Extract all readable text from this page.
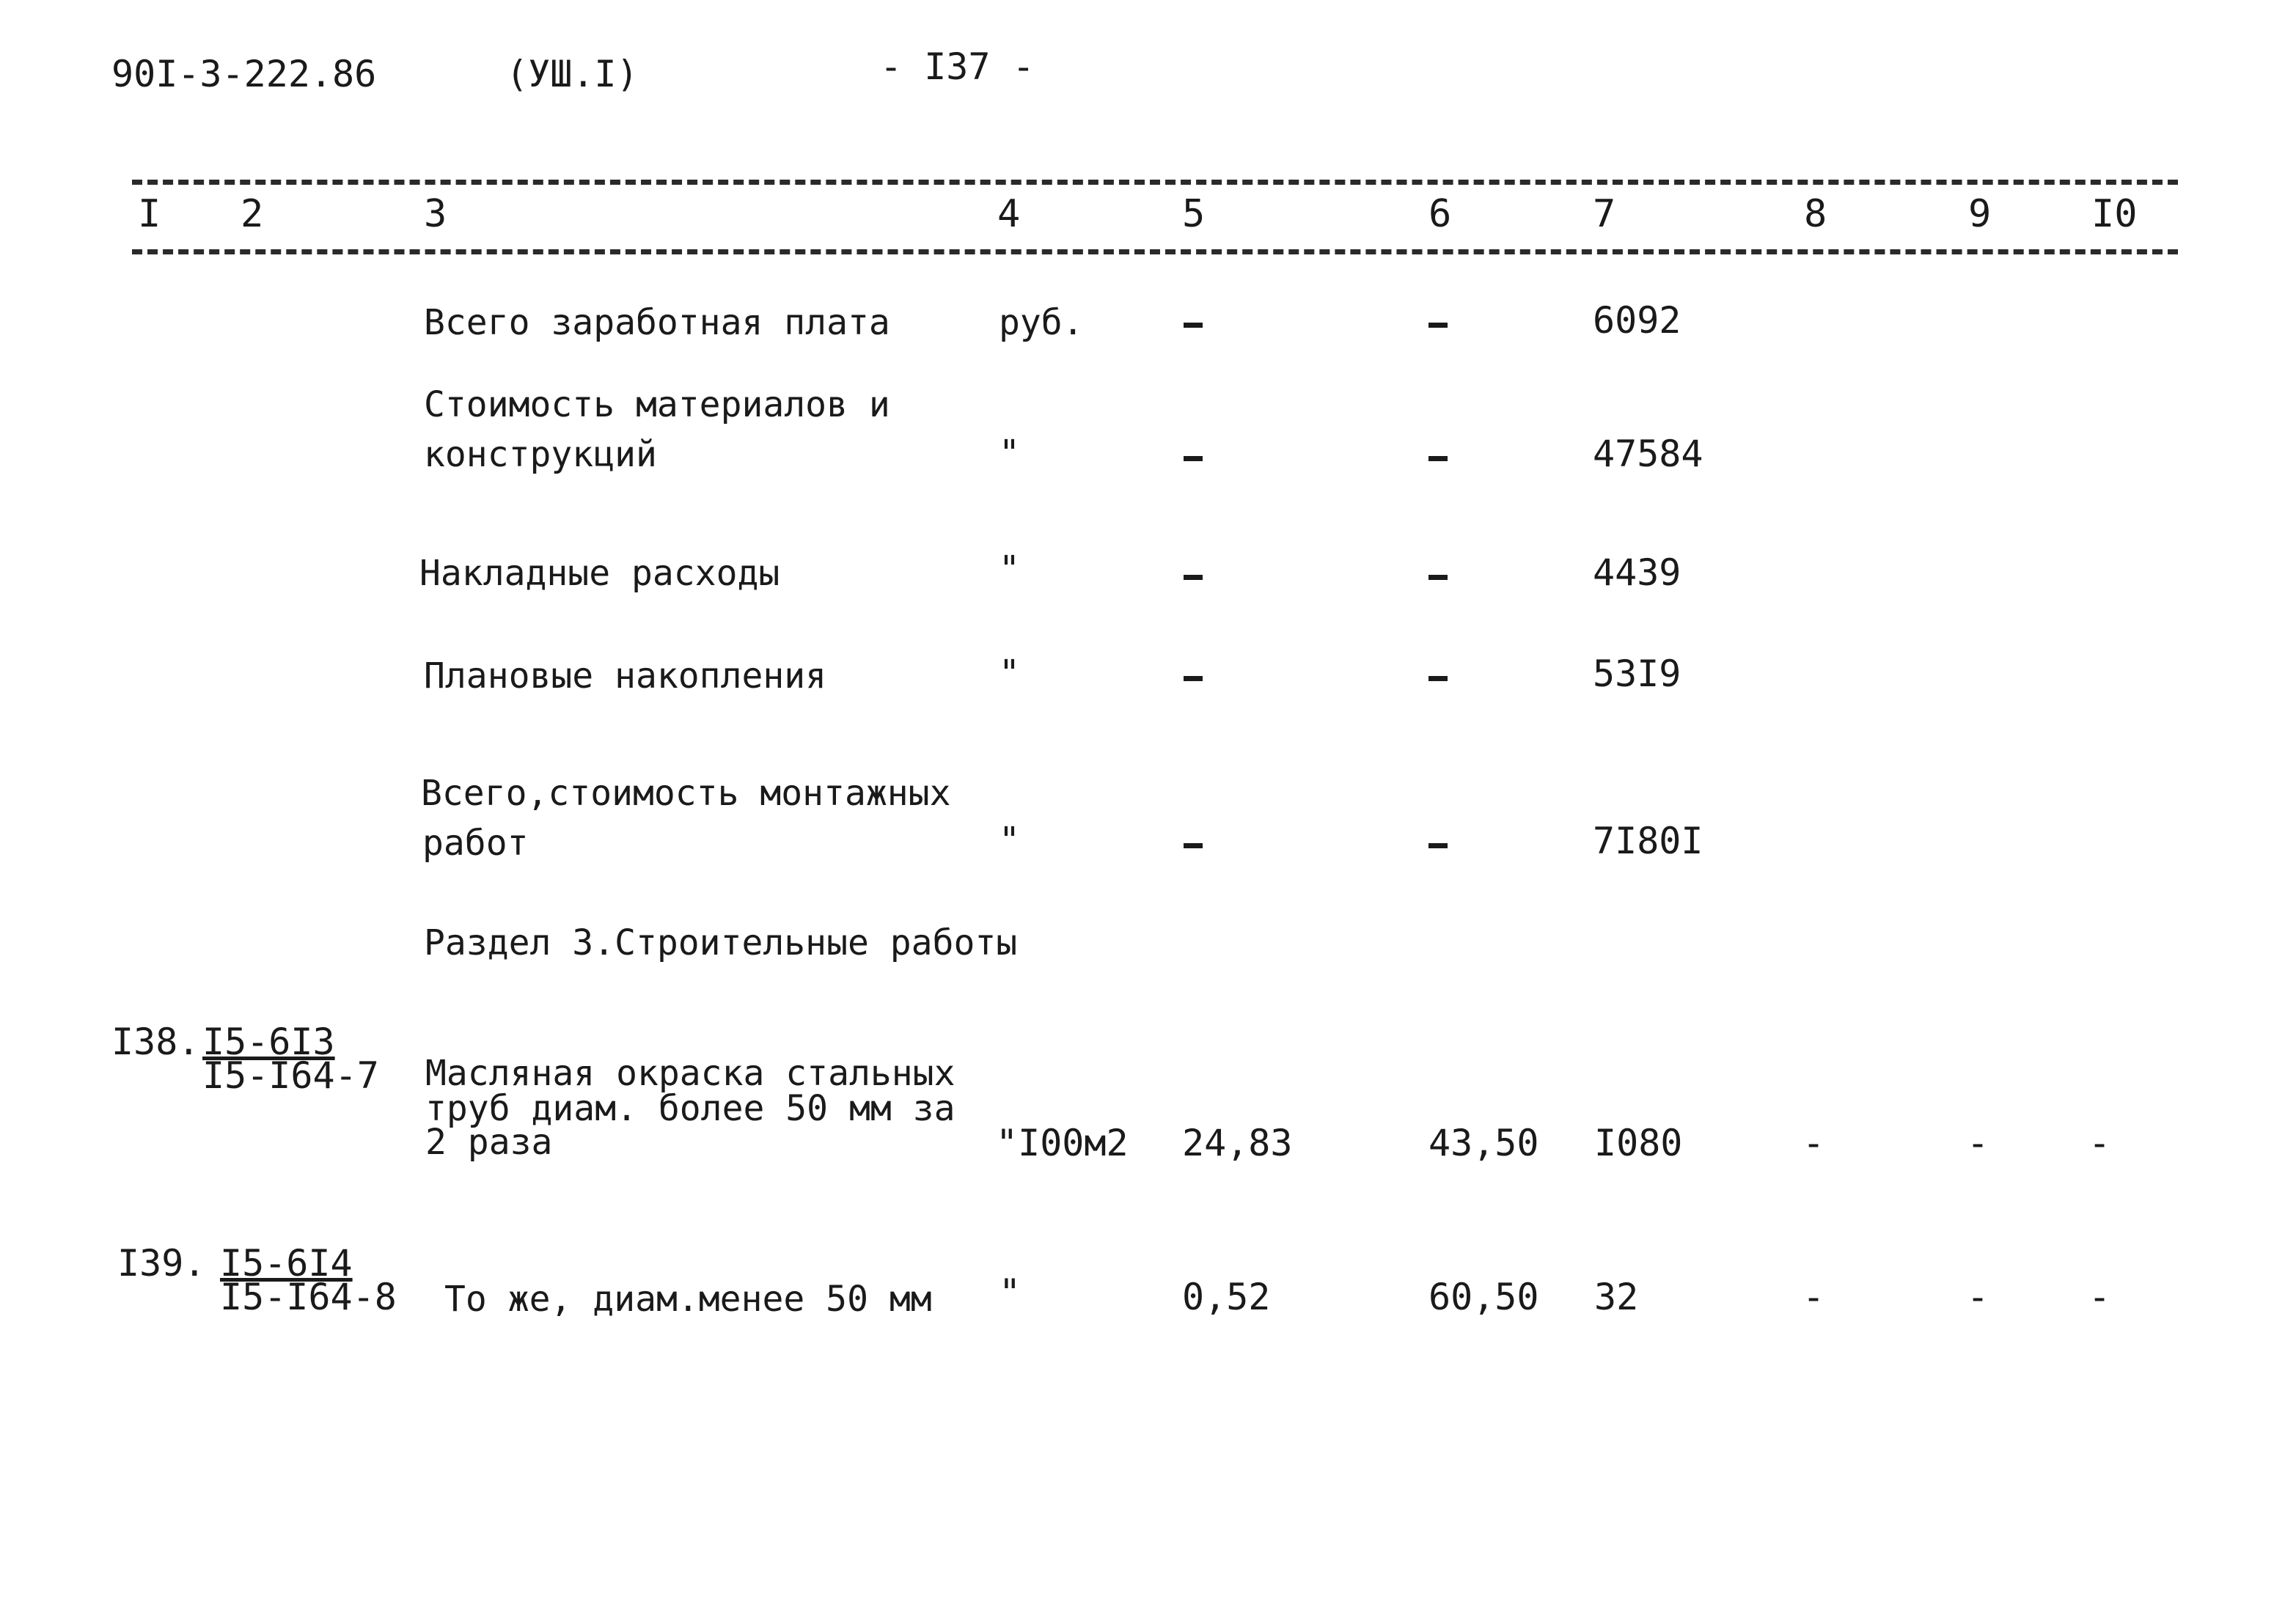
90I-3-222.86	(УШ.I)	- I37 -
I 2	3	4	5	6	7	8	9	I0
Всего заработная плата	руб.	6092
Стоимость материалов и
конструкций	"	47584
Накладные расходы	"	4439
Плановые накопления	"	53I9
Всего,стоимость монтажных
работ	"	7I80I
Раздел 3.Строительные работы
I38. I5-6I3
I5-I64-7 Масляная окраска стальных
труб диам. более 50 мм за
2 раза	"I00м2 24,83	43,50 I080	-	-	-
I39. I5-6I4
I5-I64-8 То же, диам.менее 50 мм "	0,52	60,50 32	-	-	-
